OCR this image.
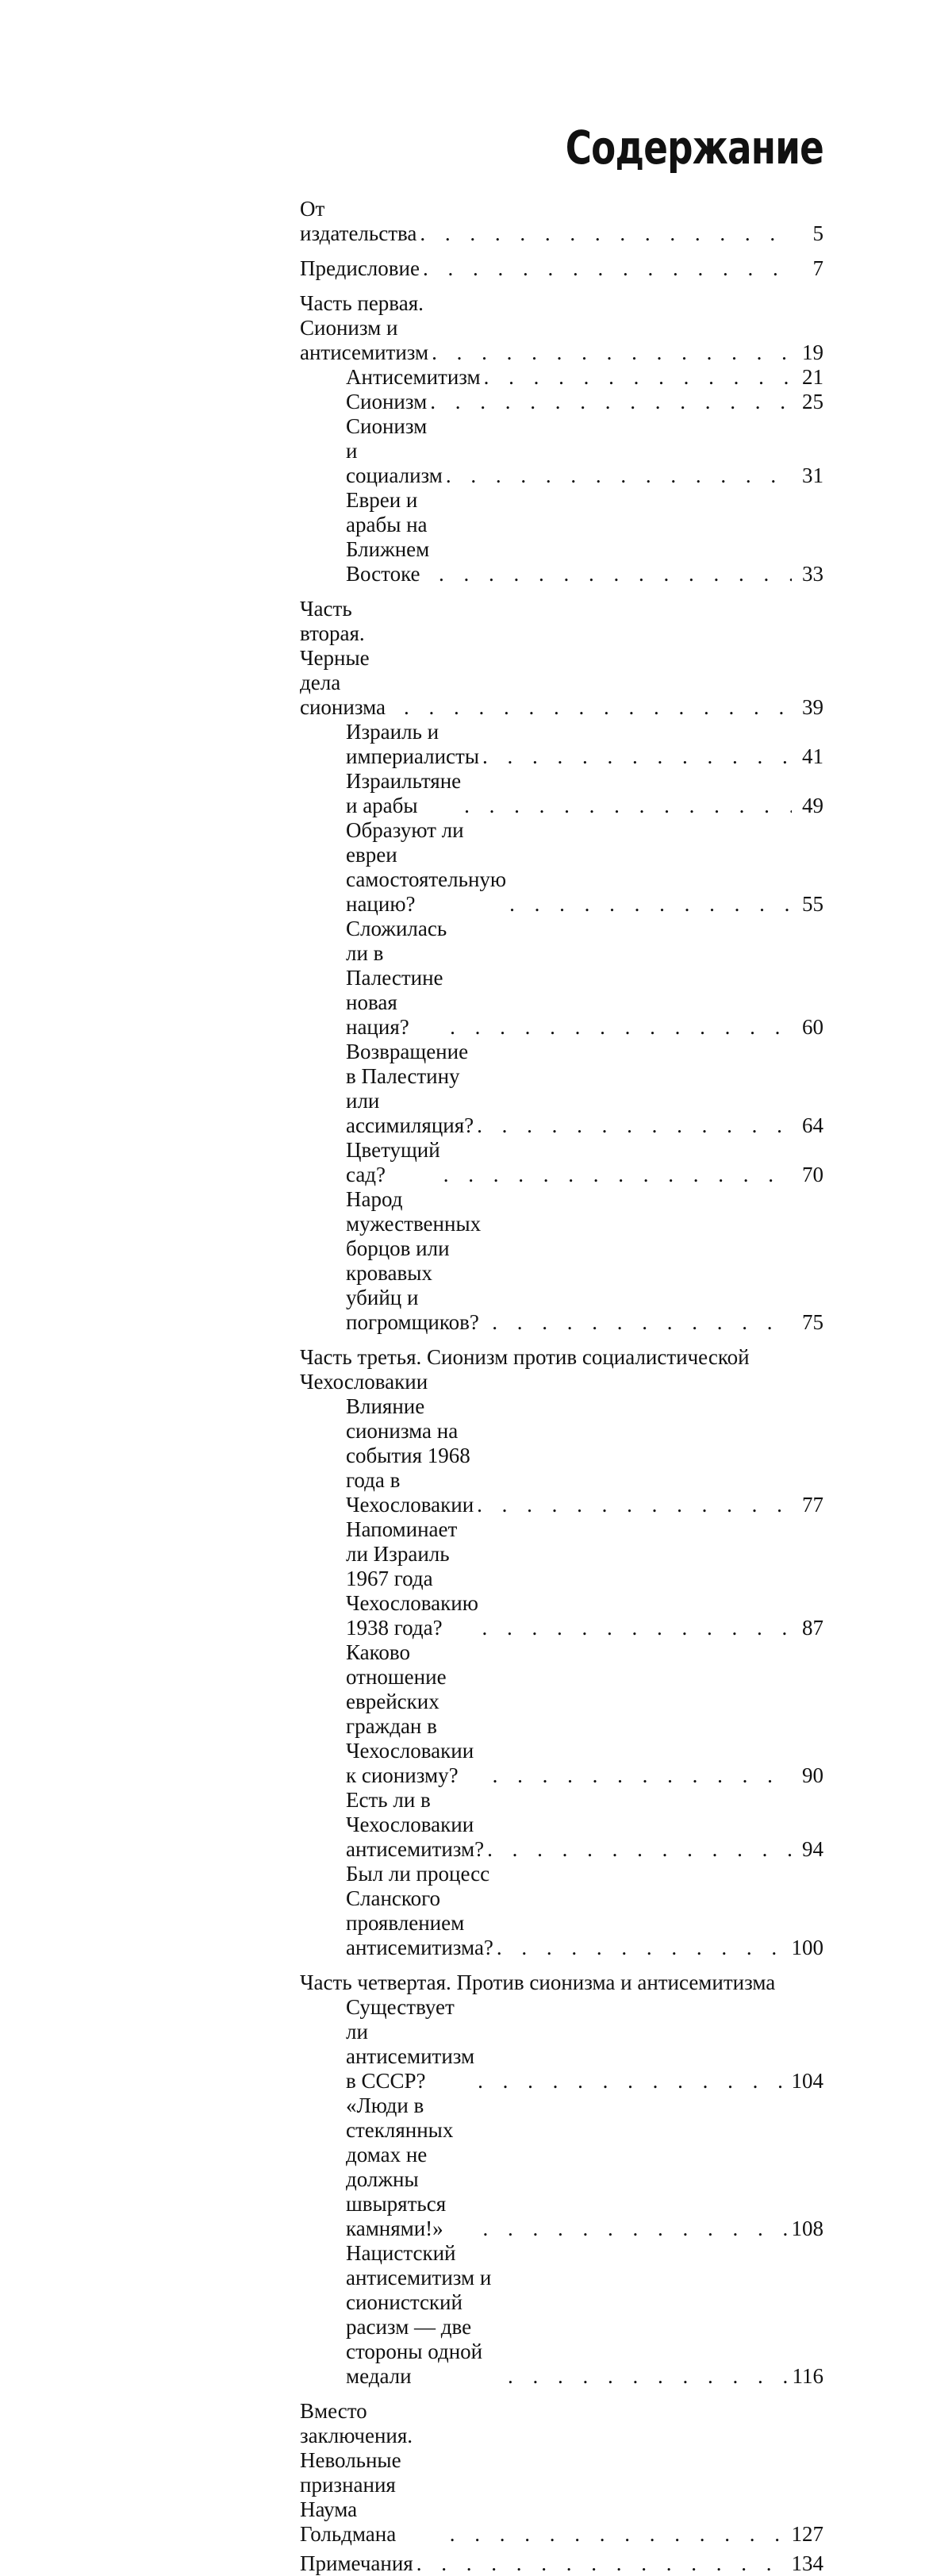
Содержание
От издательства . . .	5
Предисловие . . .	7
Часть первая. Сионизм и антисемитизм . . .	19
Антисемитизм . . .	21
Сионизм . . .	25
Сионизм и социализм . . .	31
Евреи и арабы на Ближнем Востоке . . .	33
Часть вторая. Черные дела сионизма . . .	39
Израиль и империалисты . . .	41
Израильтяне и арабы . . .	49
Образуют ли евреи самостоятельную нацию? . . .	55
Сложилась ли в Палестине новая нация? . . .	60
Возвращение в Палестину или ассимиляция? . . .	64
Цветущий сад? . . .	70
Народ мужественных борцов или кровавых убийц и погромщиков? . . .	75
Часть третья. Сионизм против социалистической Чехословакии
Влияние сионизма на события 1968 года в Чехословакии . . .	77
Напоминает ли Израиль 1967 года Чехословакию 1938 года? . . .	87
Каково отношение еврейских граждан в Чехословакии к сионизму? . . .	90
Есть ли в Чехословакии антисемитизм? . . .	94
Был ли процесс Сланского проявлением антисемитизма? . . .	100
Часть четвертая. Против сионизма и антисемитизма
Существует ли антисемитизм в СССР? . . .	104
«Люди в стеклянных домах не должны швыряться камнями!» . . .	108
Нацистский антисемитизм и сионистский расизм — две стороны одной медали . . .	116
Вместо заключения. Невольные признания Наума Гольдмана . . .	127
Примечания . . .	134
